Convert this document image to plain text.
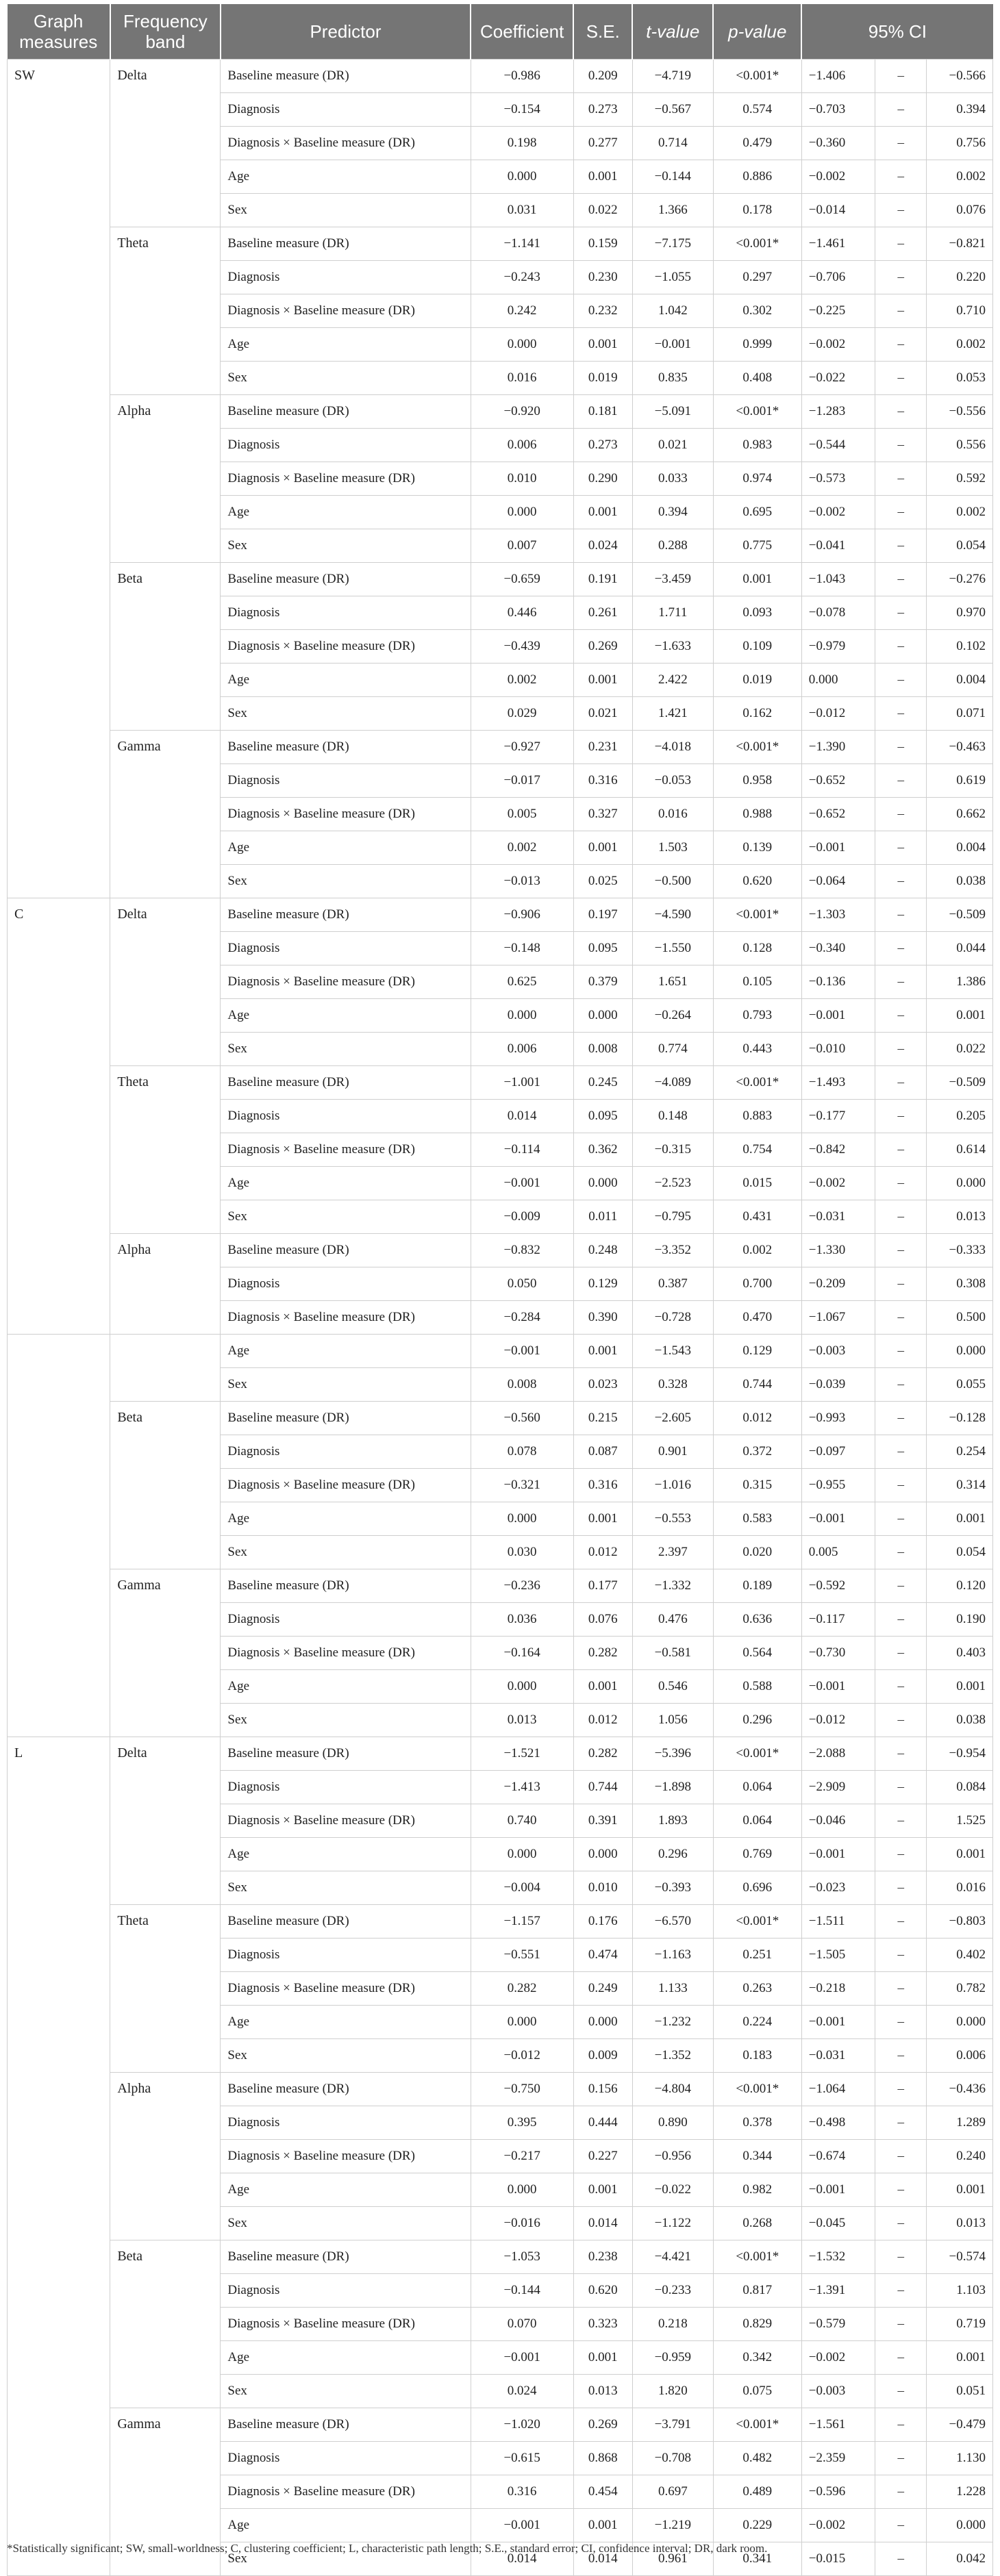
Graph measures	Frequency band	Predictor	Coefficient	S.E.	t-value	p-value	95% CI		
SW	Delta	Baseline measure (DR)	−0.986	0.209	−4.719	<0.001*	−1.406	–	−0.566
		Diagnosis	−0.154	0.273	−0.567	0.574	−0.703	–	0.394
		Diagnosis × Baseline measure (DR)	0.198	0.277	0.714	0.479	−0.360	–	0.756
		Age	0.000	0.001	−0.144	0.886	−0.002	–	0.002
		Sex	0.031	0.022	1.366	0.178	−0.014	–	0.076
	Theta	Baseline measure (DR)	−1.141	0.159	−7.175	<0.001*	−1.461	–	−0.821
		Diagnosis	−0.243	0.230	−1.055	0.297	−0.706	–	0.220
		Diagnosis × Baseline measure (DR)	0.242	0.232	1.042	0.302	−0.225	–	0.710
		Age	0.000	0.001	−0.001	0.999	−0.002	–	0.002
		Sex	0.016	0.019	0.835	0.408	−0.022	–	0.053
	Alpha	Baseline measure (DR)	−0.920	0.181	−5.091	<0.001*	−1.283	–	−0.556
		Diagnosis	0.006	0.273	0.021	0.983	−0.544	–	0.556
		Diagnosis × Baseline measure (DR)	0.010	0.290	0.033	0.974	−0.573	–	0.592
		Age	0.000	0.001	0.394	0.695	−0.002	–	0.002
		Sex	0.007	0.024	0.288	0.775	−0.041	–	0.054
	Beta	Baseline measure (DR)	−0.659	0.191	−3.459	0.001	−1.043	–	−0.276
		Diagnosis	0.446	0.261	1.711	0.093	−0.078	–	0.970
		Diagnosis × Baseline measure (DR)	−0.439	0.269	−1.633	0.109	−0.979	–	0.102
		Age	0.002	0.001	2.422	0.019	0.000	–	0.004
		Sex	0.029	0.021	1.421	0.162	−0.012	–	0.071
	Gamma	Baseline measure (DR)	−0.927	0.231	−4.018	<0.001*	−1.390	–	−0.463
		Diagnosis	−0.017	0.316	−0.053	0.958	−0.652	–	0.619
		Diagnosis × Baseline measure (DR)	0.005	0.327	0.016	0.988	−0.652	–	0.662
		Age	0.002	0.001	1.503	0.139	−0.001	–	0.004
		Sex	−0.013	0.025	−0.500	0.620	−0.064	–	0.038
C	Delta	Baseline measure (DR)	−0.906	0.197	−4.590	<0.001*	−1.303	–	−0.509
		Diagnosis	−0.148	0.095	−1.550	0.128	−0.340	–	0.044
		Diagnosis × Baseline measure (DR)	0.625	0.379	1.651	0.105	−0.136	–	1.386
		Age	0.000	0.000	−0.264	0.793	−0.001	–	0.001
		Sex	0.006	0.008	0.774	0.443	−0.010	–	0.022
	Theta	Baseline measure (DR)	−1.001	0.245	−4.089	<0.001*	−1.493	–	−0.509
		Diagnosis	0.014	0.095	0.148	0.883	−0.177	–	0.205
		Diagnosis × Baseline measure (DR)	−0.114	0.362	−0.315	0.754	−0.842	–	0.614
		Age	−0.001	0.000	−2.523	0.015	−0.002	–	0.000
		Sex	−0.009	0.011	−0.795	0.431	−0.031	–	0.013
	Alpha	Baseline measure (DR)	−0.832	0.248	−3.352	0.002	−1.330	–	−0.333
		Diagnosis	0.050	0.129	0.387	0.700	−0.209	–	0.308
		Diagnosis × Baseline measure (DR)	−0.284	0.390	−0.728	0.470	−1.067	–	0.500
		Age	−0.001	0.001	−1.543	0.129	−0.003	–	0.000
		Sex	0.008	0.023	0.328	0.744	−0.039	–	0.055
	Beta	Baseline measure (DR)	−0.560	0.215	−2.605	0.012	−0.993	–	−0.128
		Diagnosis	0.078	0.087	0.901	0.372	−0.097	–	0.254
		Diagnosis × Baseline measure (DR)	−0.321	0.316	−1.016	0.315	−0.955	–	0.314
		Age	0.000	0.001	−0.553	0.583	−0.001	–	0.001
		Sex	0.030	0.012	2.397	0.020	0.005	–	0.054
	Gamma	Baseline measure (DR)	−0.236	0.177	−1.332	0.189	−0.592	–	0.120
		Diagnosis	0.036	0.076	0.476	0.636	−0.117	–	0.190
		Diagnosis × Baseline measure (DR)	−0.164	0.282	−0.581	0.564	−0.730	–	0.403
		Age	0.000	0.001	0.546	0.588	−0.001	–	0.001
		Sex	0.013	0.012	1.056	0.296	−0.012	–	0.038
L	Delta	Baseline measure (DR)	−1.521	0.282	−5.396	<0.001*	−2.088	–	−0.954
		Diagnosis	−1.413	0.744	−1.898	0.064	−2.909	–	0.084
		Diagnosis × Baseline measure (DR)	0.740	0.391	1.893	0.064	−0.046	–	1.525
		Age	0.000	0.000	0.296	0.769	−0.001	–	0.001
		Sex	−0.004	0.010	−0.393	0.696	−0.023	–	0.016
	Theta	Baseline measure (DR)	−1.157	0.176	−6.570	<0.001*	−1.511	–	−0.803
		Diagnosis	−0.551	0.474	−1.163	0.251	−1.505	–	0.402
		Diagnosis × Baseline measure (DR)	0.282	0.249	1.133	0.263	−0.218	–	0.782
		Age	0.000	0.000	−1.232	0.224	−0.001	–	0.000
		Sex	−0.012	0.009	−1.352	0.183	−0.031	–	0.006
	Alpha	Baseline measure (DR)	−0.750	0.156	−4.804	<0.001*	−1.064	–	−0.436
		Diagnosis	0.395	0.444	0.890	0.378	−0.498	–	1.289
		Diagnosis × Baseline measure (DR)	−0.217	0.227	−0.956	0.344	−0.674	–	0.240
		Age	0.000	0.001	−0.022	0.982	−0.001	–	0.001
		Sex	−0.016	0.014	−1.122	0.268	−0.045	–	0.013
	Beta	Baseline measure (DR)	−1.053	0.238	−4.421	<0.001*	−1.532	–	−0.574
		Diagnosis	−0.144	0.620	−0.233	0.817	−1.391	–	1.103
		Diagnosis × Baseline measure (DR)	0.070	0.323	0.218	0.829	−0.579	–	0.719
		Age	−0.001	0.001	−0.959	0.342	−0.002	–	0.001
		Sex	0.024	0.013	1.820	0.075	−0.003	–	0.051
	Gamma	Baseline measure (DR)	−1.020	0.269	−3.791	<0.001*	−1.561	–	−0.479
		Diagnosis	−0.615	0.868	−0.708	0.482	−2.359	–	1.130
		Diagnosis × Baseline measure (DR)	0.316	0.454	0.697	0.489	−0.596	–	1.228
		Age	−0.001	0.001	−1.219	0.229	−0.002	–	0.000
		Sex	0.014	0.014	0.961	0.341	−0.015	–	0.042
*Statistically significant; SW, small-worldness; C, clustering coefficient; L, characteristic path length; S.E., standard error; CI, confidence interval; DR, dark room.
